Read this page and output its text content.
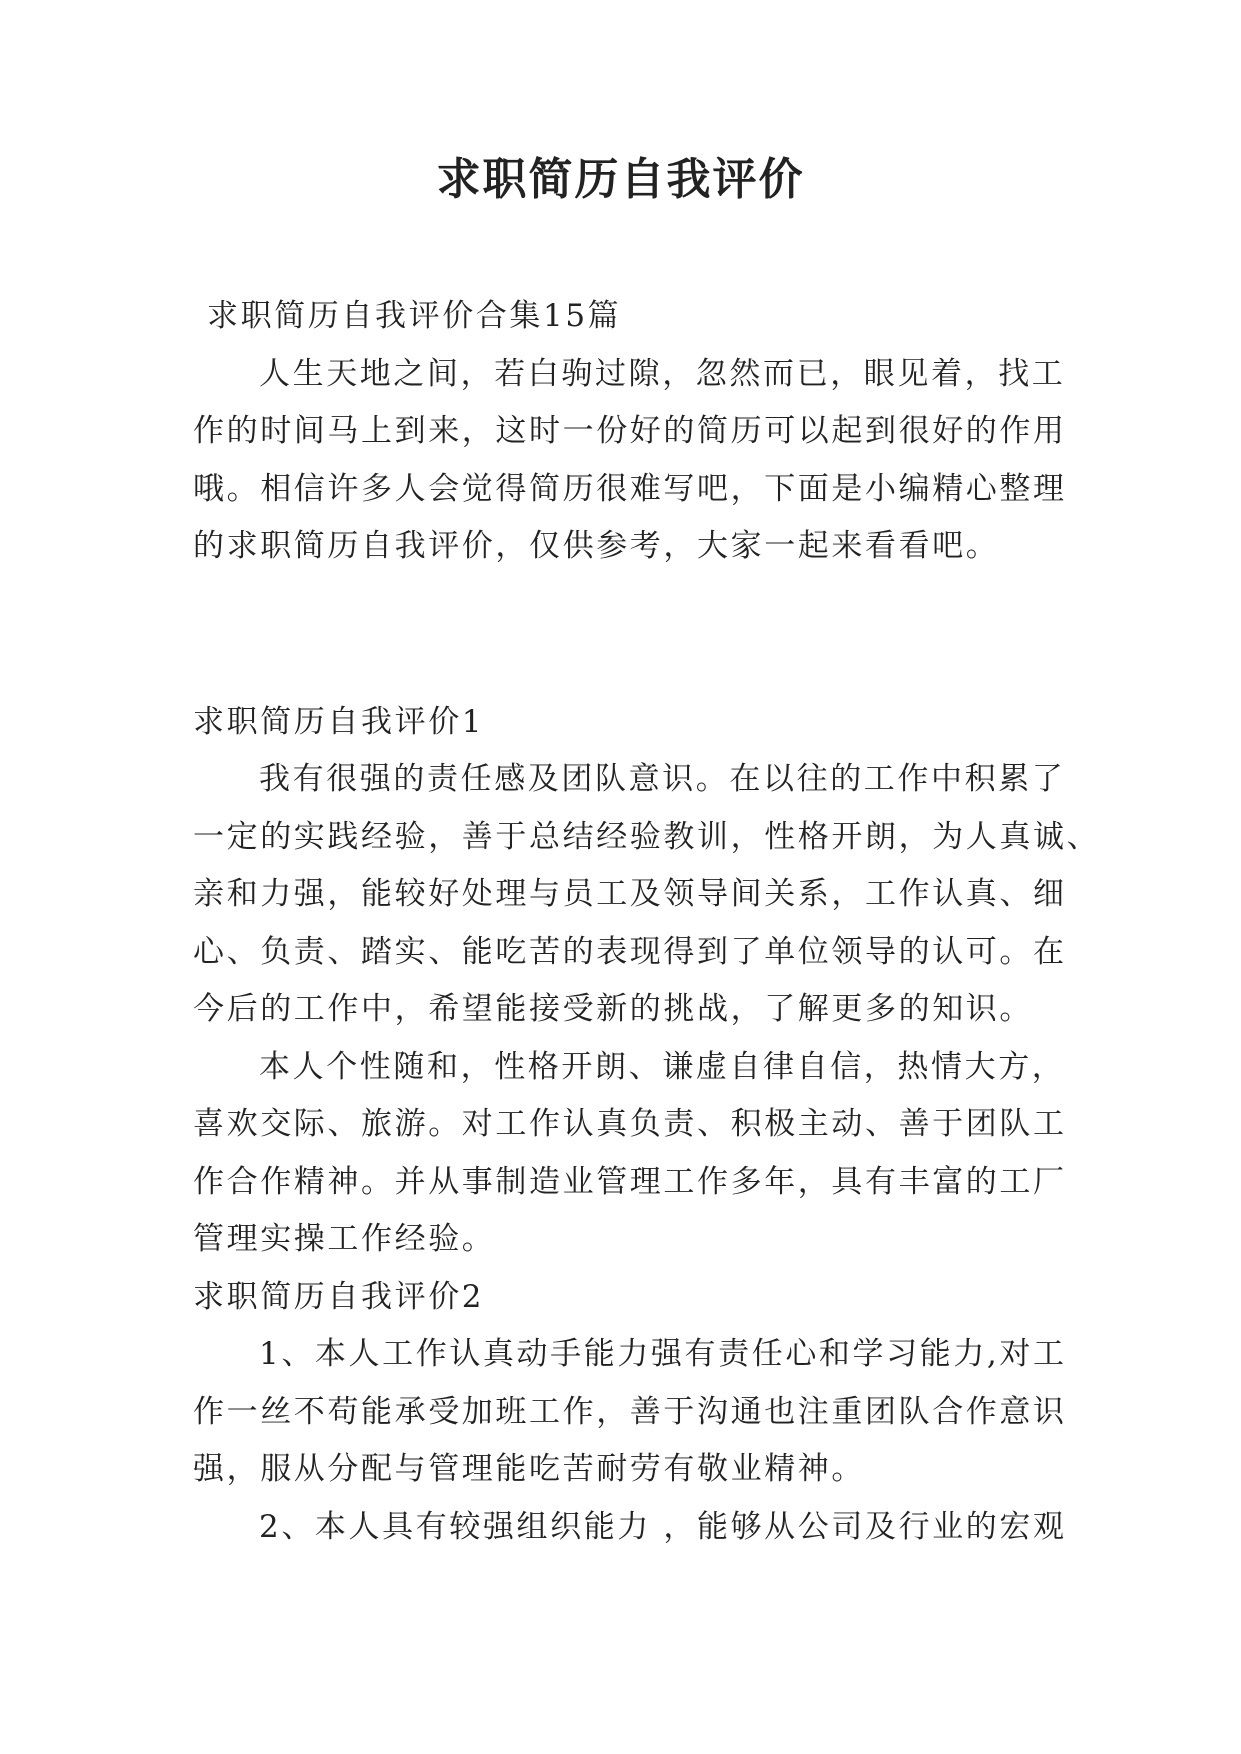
求职简历自我评价
求职简历自我评价合集15篇
人生天地之间，若白驹过隙，忽然而已，眼见着，找工
作的时间马上到来，这时一份好的简历可以起到很好的作用
哦。相信许多人会觉得简历很难写吧，下面是小编精心整理
的求职简历自我评价，仅供参考，大家一起来看看吧。
求职简历自我评价1
我有很强的责任感及团队意识。在以往的工作中积累了
一定的实践经验，善于总结经验教训，性格开朗，为人真诚、
亲和力强，能较好处理与员工及领导间关系，工作认真、细
心、负责、踏实、能吃苦的表现得到了单位领导的认可。在
今后的工作中，希望能接受新的挑战，了解更多的知识。
本人个性随和，性格开朗、谦虚自律自信，热情大方，
喜欢交际、旅游。对工作认真负责、积极主动、善于团队工
作合作精神。并从事制造业管理工作多年，具有丰富的工厂
管理实操工作经验。
求职简历自我评价2
1、本人工作认真动手能力强有责任心和学习能力,对工
作一丝不苟能承受加班工作，善于沟通也注重团队合作意识
强，服从分配与管理能吃苦耐劳有敬业精神。
2、本人具有较强组织能力 ，能够从公司及行业的宏观
